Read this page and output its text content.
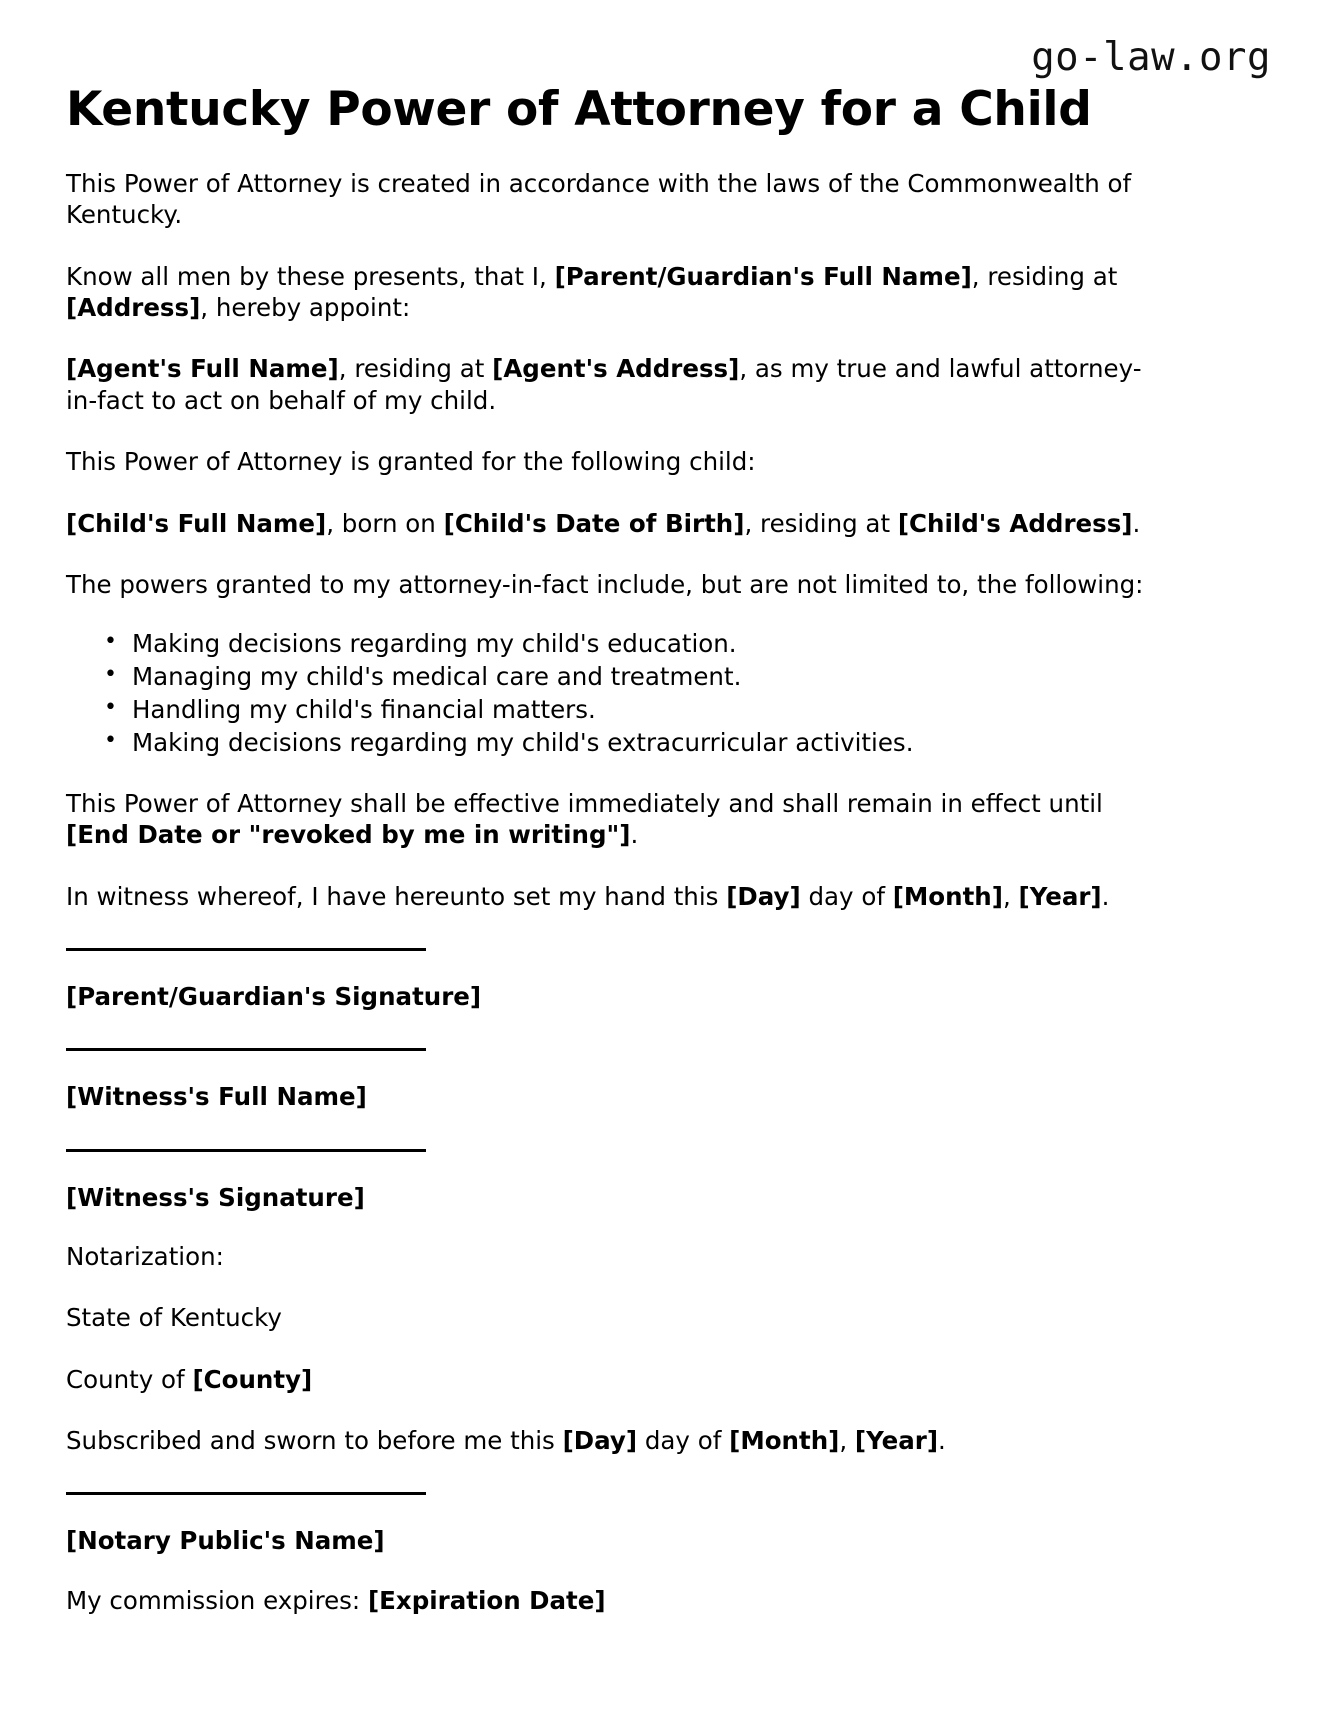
go-law.org
Kentucky Power of Attorney for a Child

This Power of Attorney is created in accordance with the laws of the Commonwealth of Kentucky.

Know all men by these presents, that I, [Parent/Guardian's Full Name], residing at [Address], hereby appoint:

[Agent's Full Name], residing at [Agent's Address], as my true and lawful attorney-in-fact to act on behalf of my child.

This Power of Attorney is granted for the following child:

[Child's Full Name], born on [Child's Date of Birth], residing at [Child's Address].

The powers granted to my attorney-in-fact include, but are not limited to, the following:

• Making decisions regarding my child's education.
• Managing my child's medical care and treatment.
• Handling my child's financial matters.
• Making decisions regarding my child's extracurricular activities.

This Power of Attorney shall be effective immediately and shall remain in effect until [End Date or "revoked by me in writing"].

In witness whereof, I have hereunto set my hand this [Day] day of [Month], [Year].

[Parent/Guardian's Signature]

[Witness's Full Name]

[Witness's Signature]

Notarization:

State of Kentucky

County of [County]

Subscribed and sworn to before me this [Day] day of [Month], [Year].

[Notary Public's Name]

My commission expires: [Expiration Date]
